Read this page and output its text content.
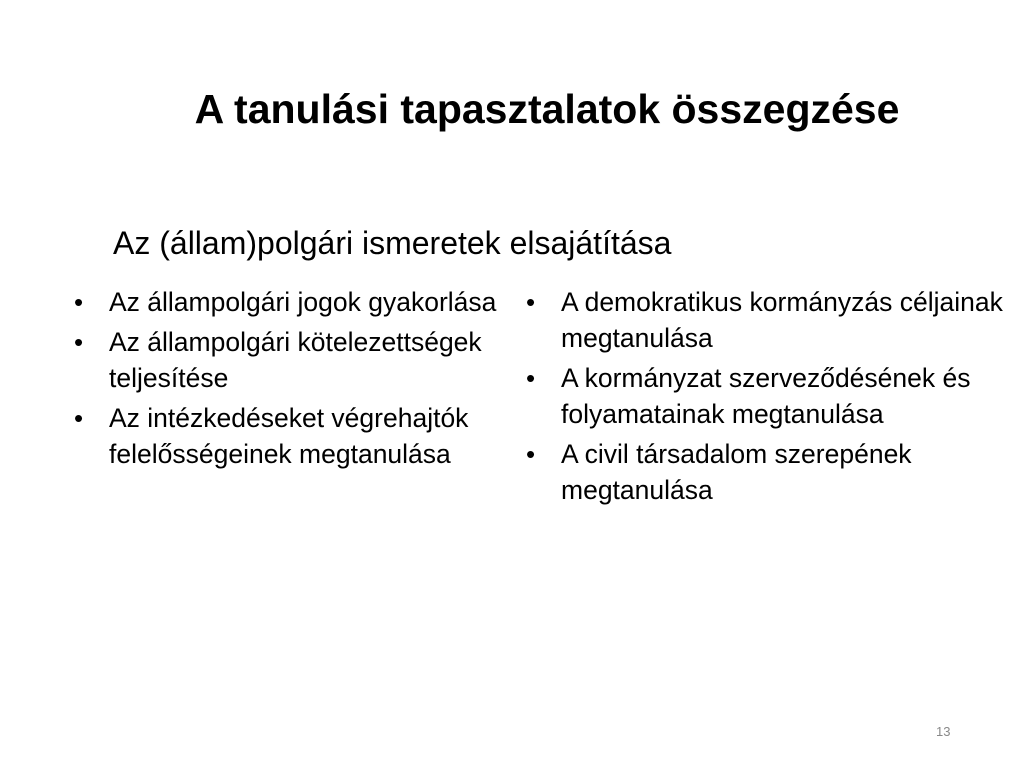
A tanulási tapasztalatok összegzése

Az (állam)polgári ismeretek elsajátítása

• Az állampolgári jogok gyakorlása
• Az állampolgári kötelezettségek teljesítése
• Az intézkedéseket végrehajtók felelősségeinek megtanulása
• A demokratikus kormányzás céljainak megtanulása
• A kormányzat szerveződésének és folyamatainak megtanulása
• A civil társadalom szerepének megtanulása
13
